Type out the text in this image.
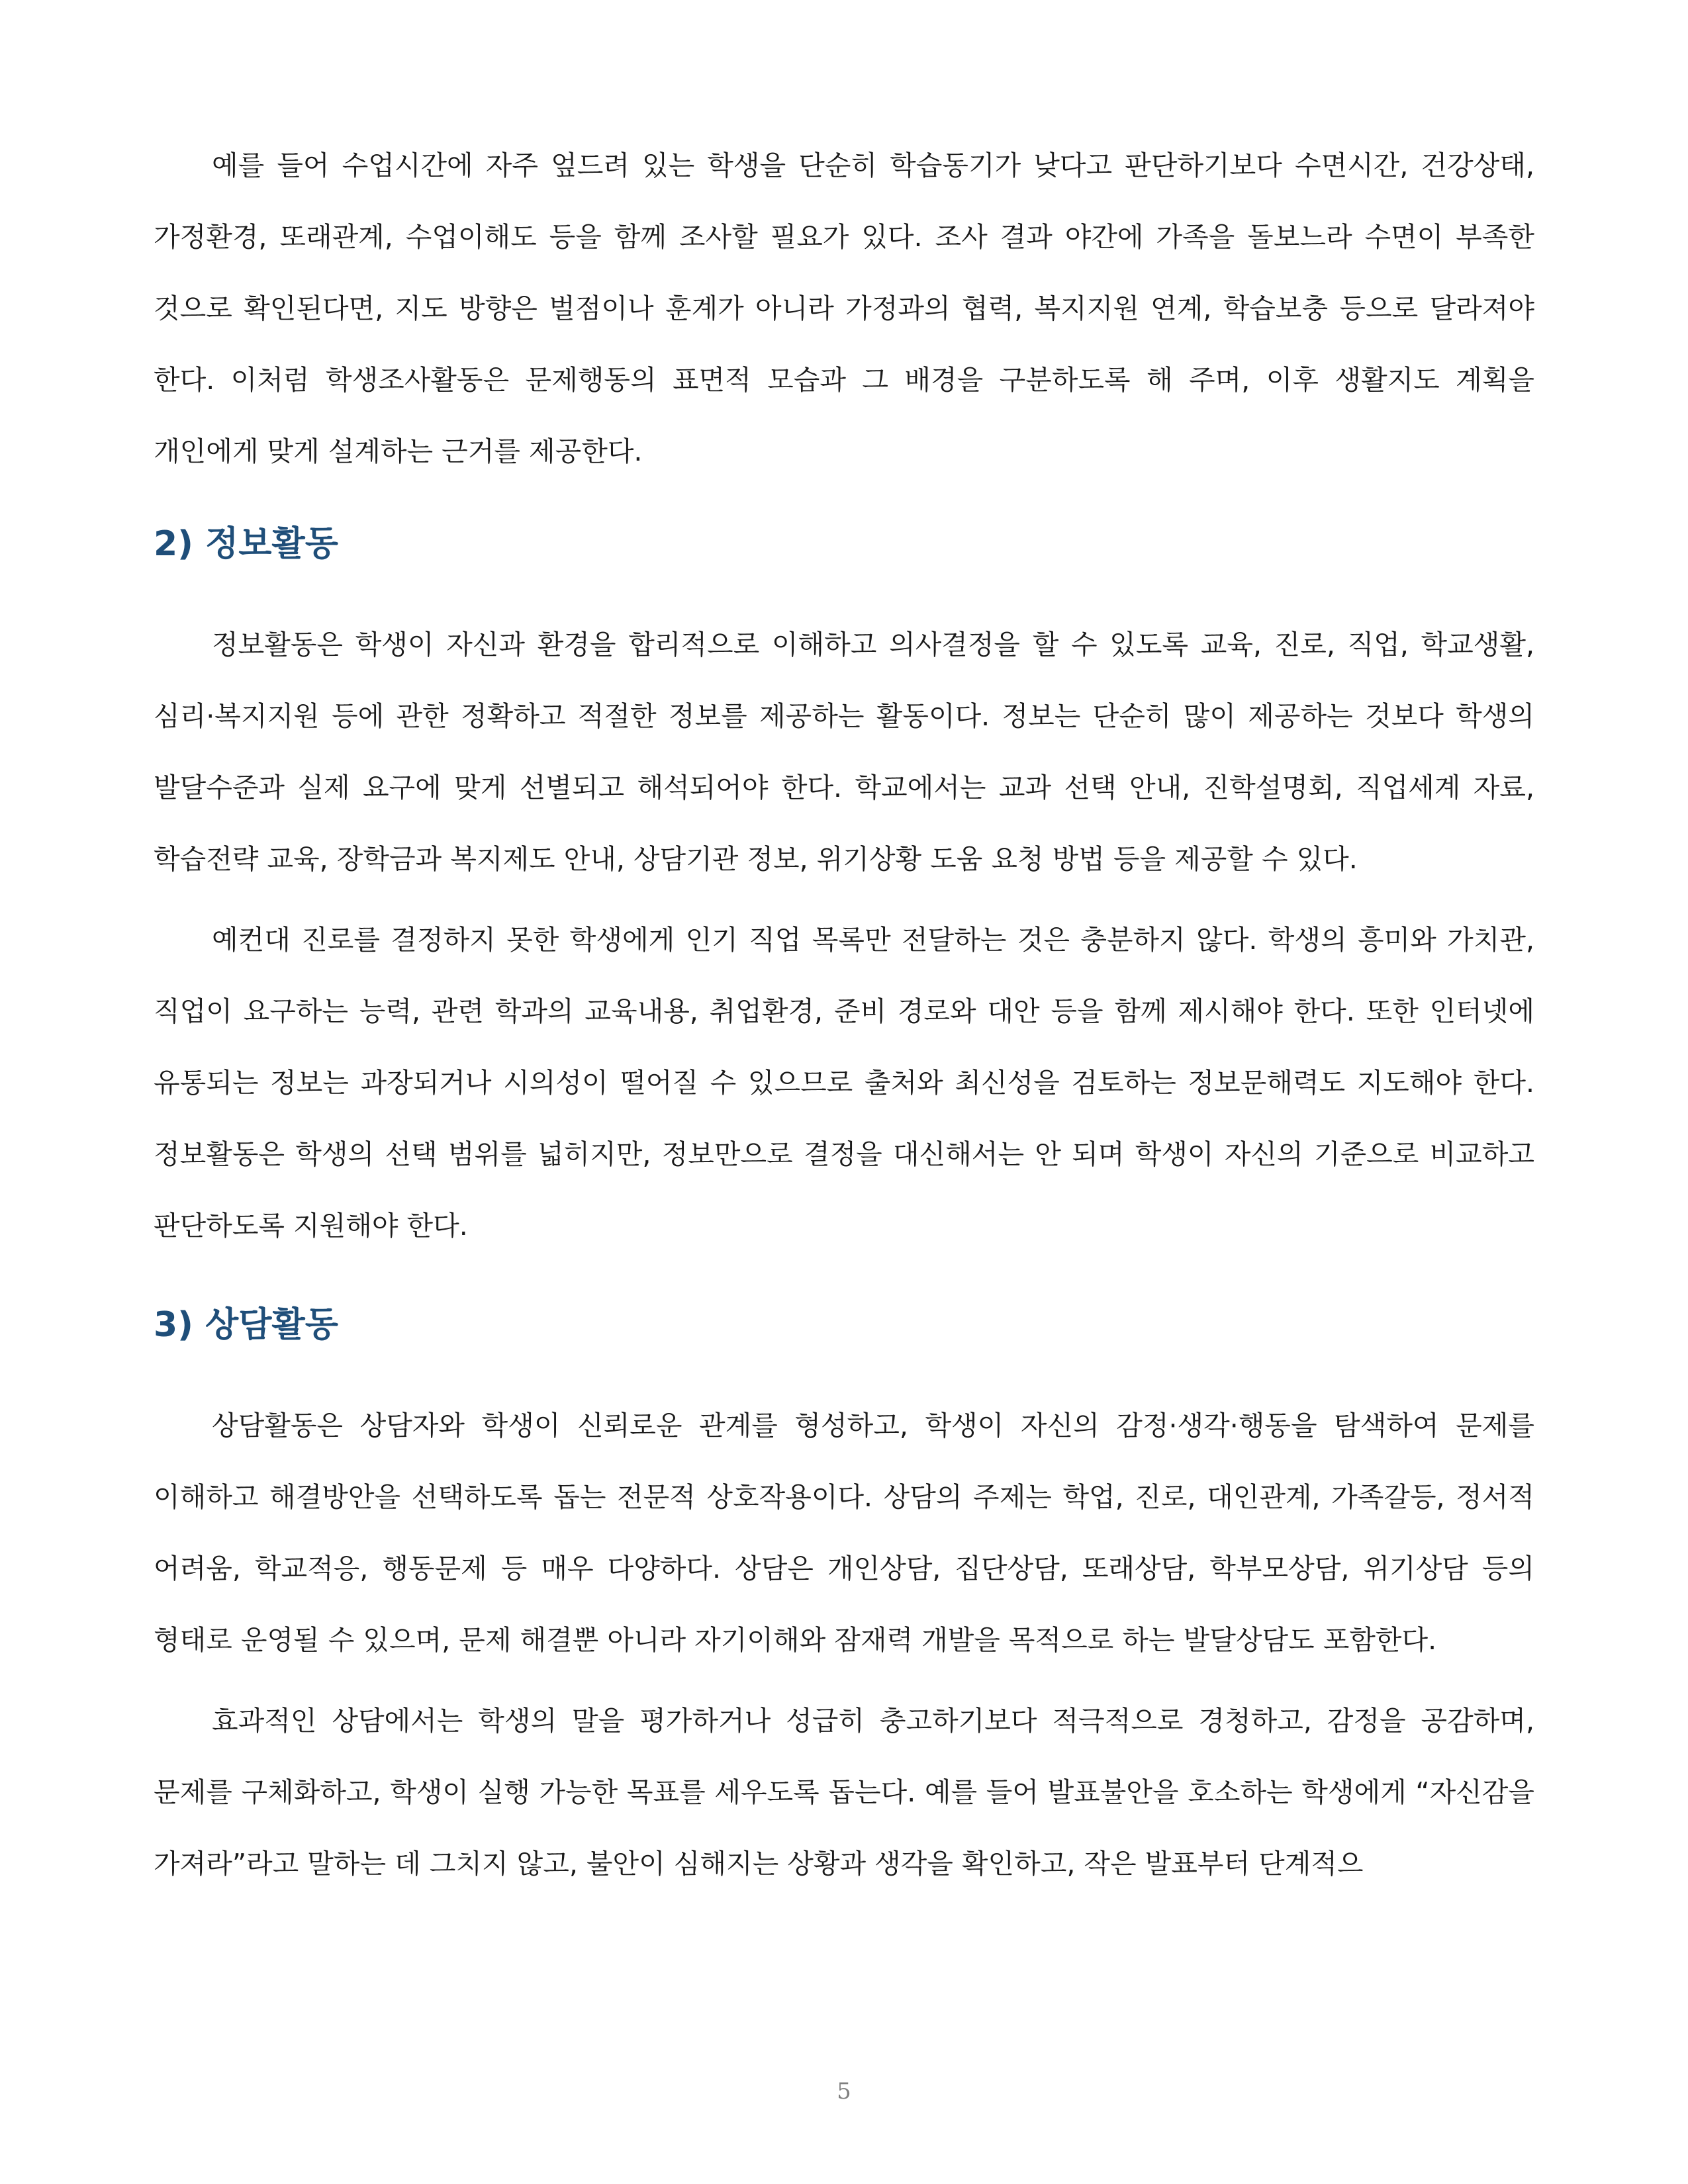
예를 들어 수업시간에 자주 엎드려 있는 학생을 단순히 학습동기가 낮다고 판단하기보다 수면시간, 건강상태, 가정환경, 또래관계, 수업이해도 등을 함께 조사할 필요가 있다. 조사 결과 야간에 가족을 돌보느라 수면이 부족한 것으로 확인된다면, 지도 방향은 벌점이나 훈계가 아니라 가정과의 협력, 복지지원 연계, 학습보충 등으로 달라져야 한다. 이처럼 학생조사활동은 문제행동의 표면적 모습과 그 배경을 구분하도록 해 주며, 이후 생활지도 계획을 개인에게 맞게 설계하는 근거를 제공한다.

2) 정보활동

정보활동은 학생이 자신과 환경을 합리적으로 이해하고 의사결정을 할 수 있도록 교육, 진로, 직업, 학교생활, 심리·복지지원 등에 관한 정확하고 적절한 정보를 제공하는 활동이다. 정보는 단순히 많이 제공하는 것보다 학생의 발달수준과 실제 요구에 맞게 선별되고 해석되어야 한다. 학교에서는 교과 선택 안내, 진학설명회, 직업세계 자료, 학습전략 교육, 장학금과 복지제도 안내, 상담기관 정보, 위기상황 도움 요청 방법 등을 제공할 수 있다.

예컨대 진로를 결정하지 못한 학생에게 인기 직업 목록만 전달하는 것은 충분하지 않다. 학생의 흥미와 가치관, 직업이 요구하는 능력, 관련 학과의 교육내용, 취업환경, 준비 경로와 대안 등을 함께 제시해야 한다. 또한 인터넷에 유통되는 정보는 과장되거나 시의성이 떨어질 수 있으므로 출처와 최신성을 검토하는 정보문해력도 지도해야 한다. 정보활동은 학생의 선택 범위를 넓히지만, 정보만으로 결정을 대신해서는 안 되며 학생이 자신의 기준으로 비교하고 판단하도록 지원해야 한다.

3) 상담활동

상담활동은 상담자와 학생이 신뢰로운 관계를 형성하고, 학생이 자신의 감정·생각·행동을 탐색하여 문제를 이해하고 해결방안을 선택하도록 돕는 전문적 상호작용이다. 상담의 주제는 학업, 진로, 대인관계, 가족갈등, 정서적 어려움, 학교적응, 행동문제 등 매우 다양하다. 상담은 개인상담, 집단상담, 또래상담, 학부모상담, 위기상담 등의 형태로 운영될 수 있으며, 문제 해결뿐 아니라 자기이해와 잠재력 개발을 목적으로 하는 발달상담도 포함한다.

효과적인 상담에서는 학생의 말을 평가하거나 성급히 충고하기보다 적극적으로 경청하고, 감정을 공감하며, 문제를 구체화하고, 학생이 실행 가능한 목표를 세우도록 돕는다. 예를 들어 발표불안을 호소하는 학생에게 “자신감을 가져라”라고 말하는 데 그치지 않고, 불안이 심해지는 상황과 생각을 확인하고, 작은 발표부터 단계적으

5
